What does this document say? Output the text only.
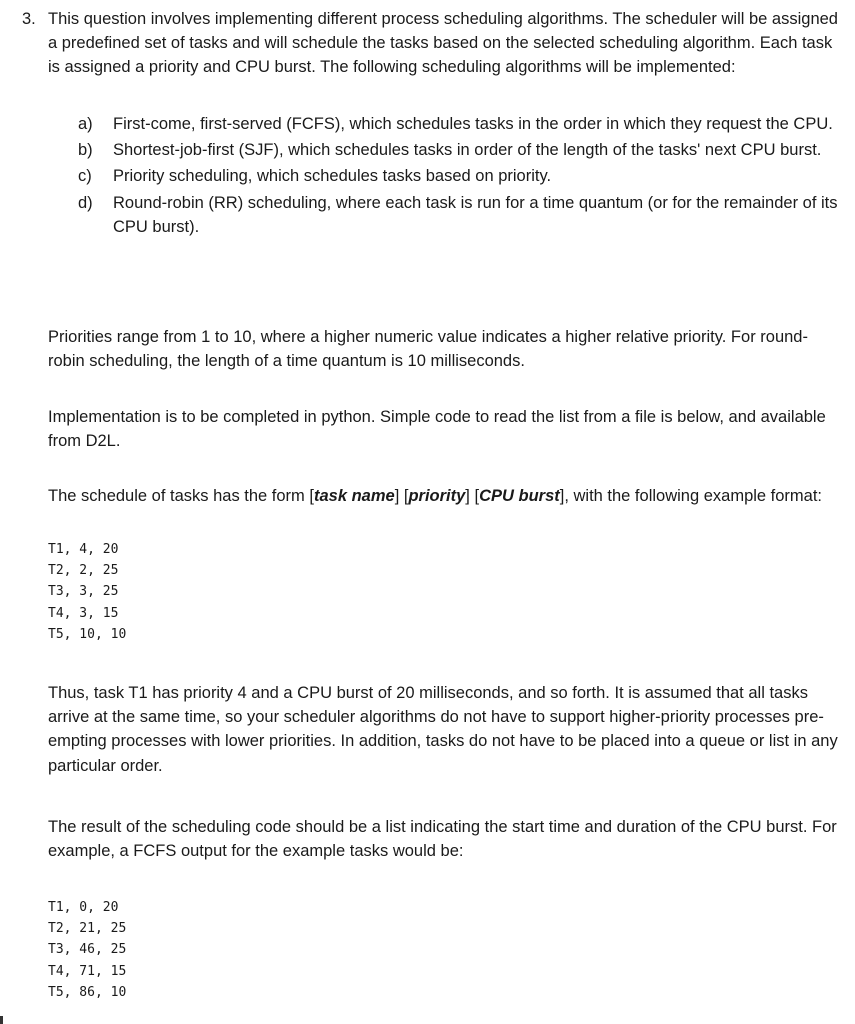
3. This question involves implementing different process scheduling algorithms. The scheduler will be assigned a predefined set of tasks and will schedule the tasks based on the selected scheduling algorithm. Each task is assigned a priority and CPU burst. The following scheduling algorithms will be implemented:
a) First-come, first-served (FCFS), which schedules tasks in the order in which they request the CPU.
b) Shortest-job-first (SJF), which schedules tasks in order of the length of the tasks' next CPU burst.
c) Priority scheduling, which schedules tasks based on priority.
d) Round-robin (RR) scheduling, where each task is run for a time quantum (or for the remainder of its CPU burst).

Priorities range from 1 to 10, where a higher numeric value indicates a higher relative priority. For round-robin scheduling, the length of a time quantum is 10 milliseconds.

Implementation is to be completed in python. Simple code to read the list from a file is below, and available from D2L.

The schedule of tasks has the form [task name] [priority] [CPU burst], with the following example format:

T1, 4, 20
T2, 2, 25
T3, 3, 25
T4, 3, 15
T5, 10, 10

Thus, task T1 has priority 4 and a CPU burst of 20 milliseconds, and so forth. It is assumed that all tasks arrive at the same time, so your scheduler algorithms do not have to support higher-priority processes pre-empting processes with lower priorities. In addition, tasks do not have to be placed into a queue or list in any particular order.

The result of the scheduling code should be a list indicating the start time and duration of the CPU burst. For example, a FCFS output for the example tasks would be:

T1, 0, 20
T2, 21, 25
T3, 46, 25
T4, 71, 15
T5, 86, 10
